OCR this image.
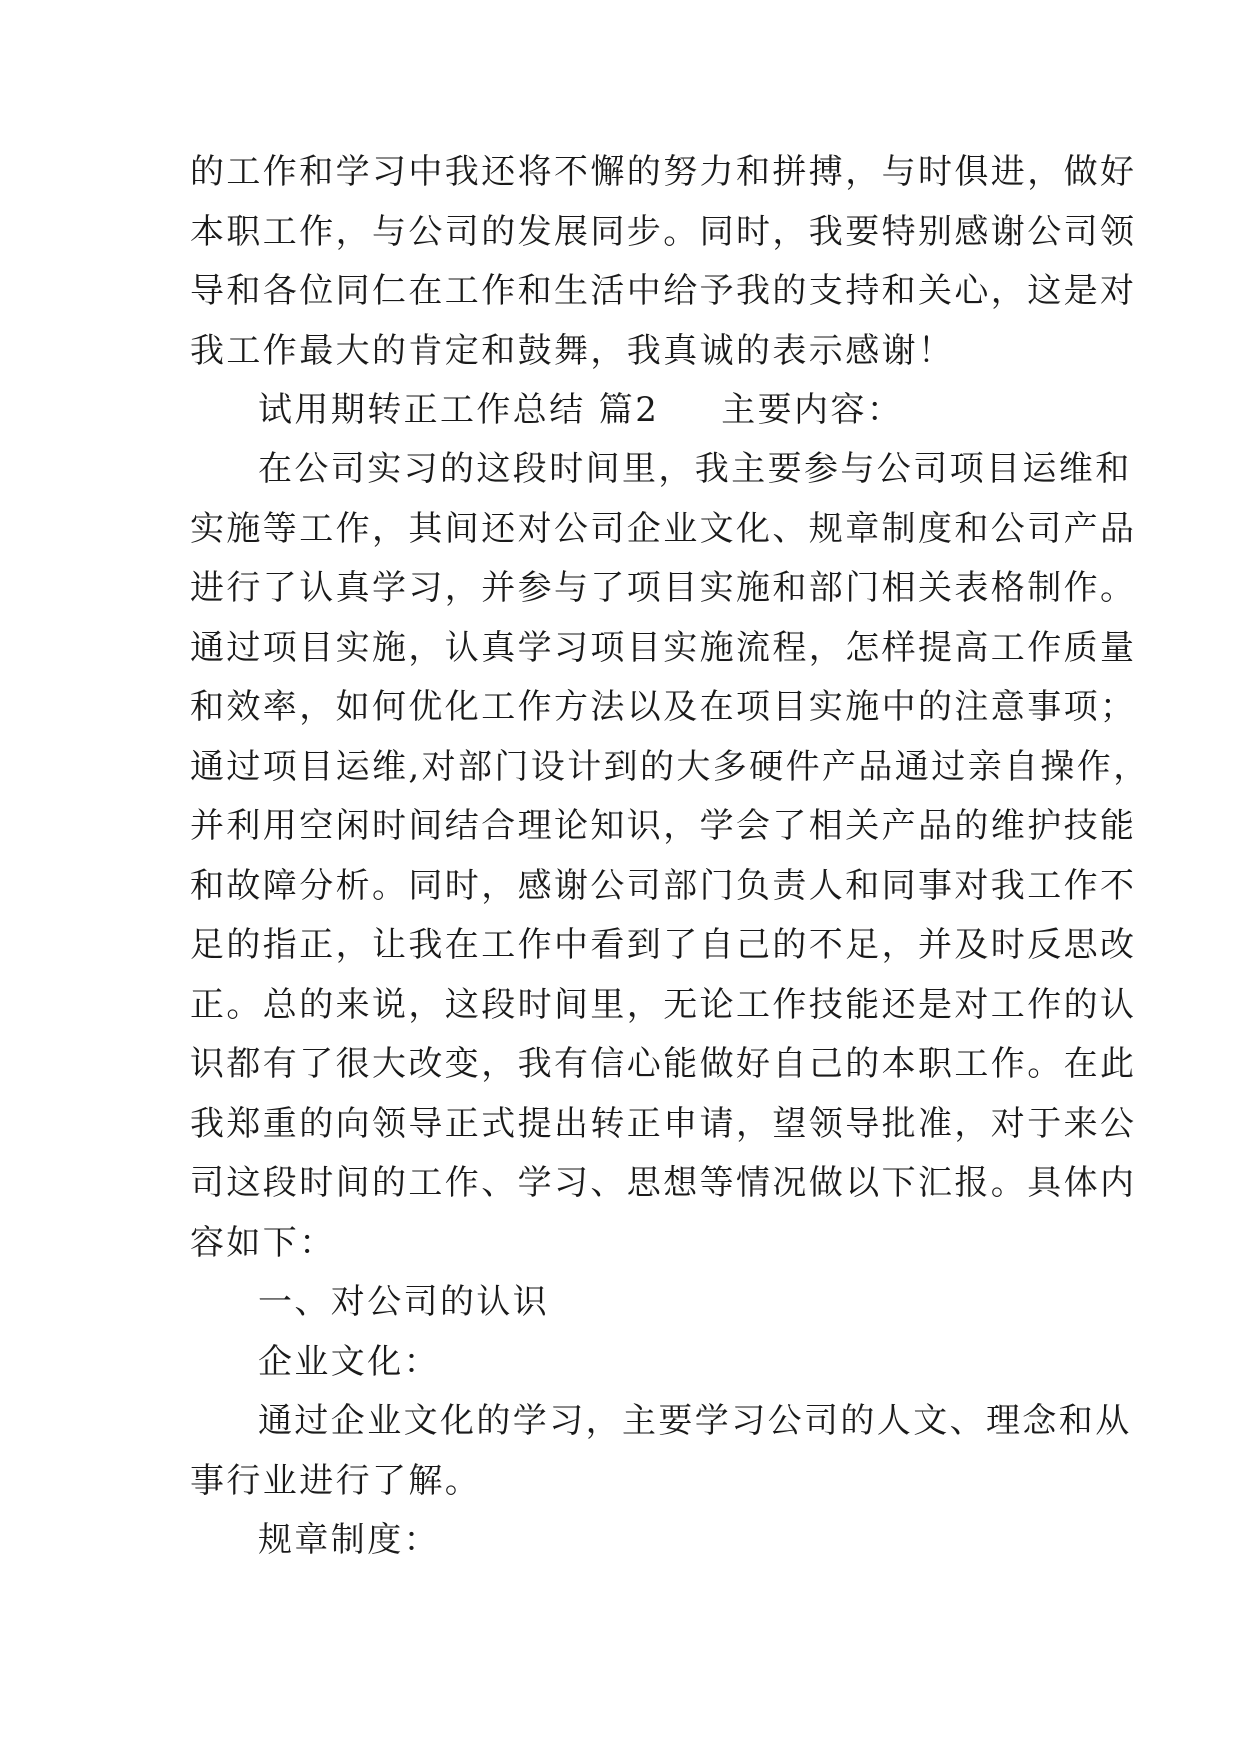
的工作和学习中我还将不懈的努力和拼搏，与时俱进，做好
本职工作，与公司的发展同步。同时，我要特别感谢公司领
导和各位同仁在工作和生活中给予我的支持和关心，这是对
我工作最大的肯定和鼓舞，我真诚的表示感谢！
试用期转正工作总结 篇2 主要内容：
在公司实习的这段时间里，我主要参与公司项目运维和
实施等工作，其间还对公司企业文化、规章制度和公司产品
进行了认真学习，并参与了项目实施和部门相关表格制作。
通过项目实施，认真学习项目实施流程，怎样提高工作质量
和效率，如何优化工作方法以及在项目实施中的注意事项；
通过项目运维,对部门设计到的大多硬件产品通过亲自操作，
并利用空闲时间结合理论知识，学会了相关产品的维护技能
和故障分析。同时，感谢公司部门负责人和同事对我工作不
足的指正，让我在工作中看到了自己的不足，并及时反思改
正。总的来说，这段时间里，无论工作技能还是对工作的认
识都有了很大改变，我有信心能做好自己的本职工作。在此
我郑重的向领导正式提出转正申请，望领导批准，对于来公
司这段时间的工作、学习、思想等情况做以下汇报。具体内
容如下：
一、对公司的认识
企业文化：
通过企业文化的学习，主要学习公司的人文、理念和从
事行业进行了解。
规章制度：
